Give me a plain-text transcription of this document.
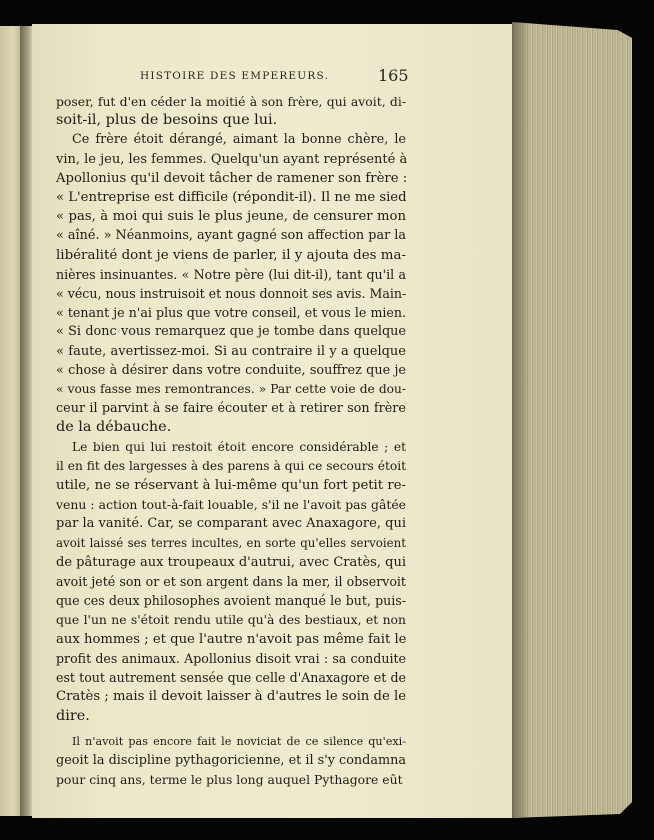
HISTOIRE DES EMPEREURS.	165

poser, fut d'en céder la moitié à son frère, qui avoit, di-
soit-il, plus de besoins que lui.

Ce frère étoit dérangé, aimant la bonne chère, le
vin, le jeu, les femmes. Quelqu'un ayant représenté à
Apollonius qu'il devoit tâcher de ramener son frère :
« L'entreprise est difficile (répondit-il). Il ne me sied
« pas, à moi qui suis le plus jeune, de censurer mon
« aîné. » Néanmoins, ayant gagné son affection par la
libéralité dont je viens de parler, il y ajouta des ma-
nières insinuantes. « Notre père (lui dit-il), tant qu'il a
« vécu, nous instruisoit et nous donnoit ses avis. Main-
« tenant je n'ai plus que votre conseil, et vous le mien.
« Si donc vous remarquez que je tombe dans quelque
« faute, avertissez-moi. Si au contraire il y a quelque
« chose à désirer dans votre conduite, souffrez que je
« vous fasse mes remontrances. » Par cette voie de dou-
ceur il parvint à se faire écouter et à retirer son frère
de la débauche.

Le bien qui lui restoit étoit encore considérable ; et
il en fit des largesses à des parens à qui ce secours étoit
utile, ne se réservant à lui-même qu'un fort petit re-
venu : action tout-à-fait louable, s'il ne l'avoit pas gâtée
par la vanité. Car, se comparant avec Anaxagore, qui
avoit laissé ses terres incultes, en sorte qu'elles servoient
de pâturage aux troupeaux d'autrui, avec Cratès, qui
avoit jeté son or et son argent dans la mer, il observoit
que ces deux philosophes avoient manqué le but, puis-
que l'un ne s'étoit rendu utile qu'à des bestiaux, et non
aux hommes ; et que l'autre n'avoit pas même fait le
profit des animaux. Apollonius disoit vrai : sa conduite
est tout autrement sensée que celle d'Anaxagore et de
Cratès ; mais il devoit laisser à d'autres le soin de le
dire.

Il n'avoit pas encore fait le noviciat de ce silence qu'exi-
geoit la discipline pythagoricienne, et il s'y condamna
pour cinq ans, terme le plus long auquel Pythagore eût
